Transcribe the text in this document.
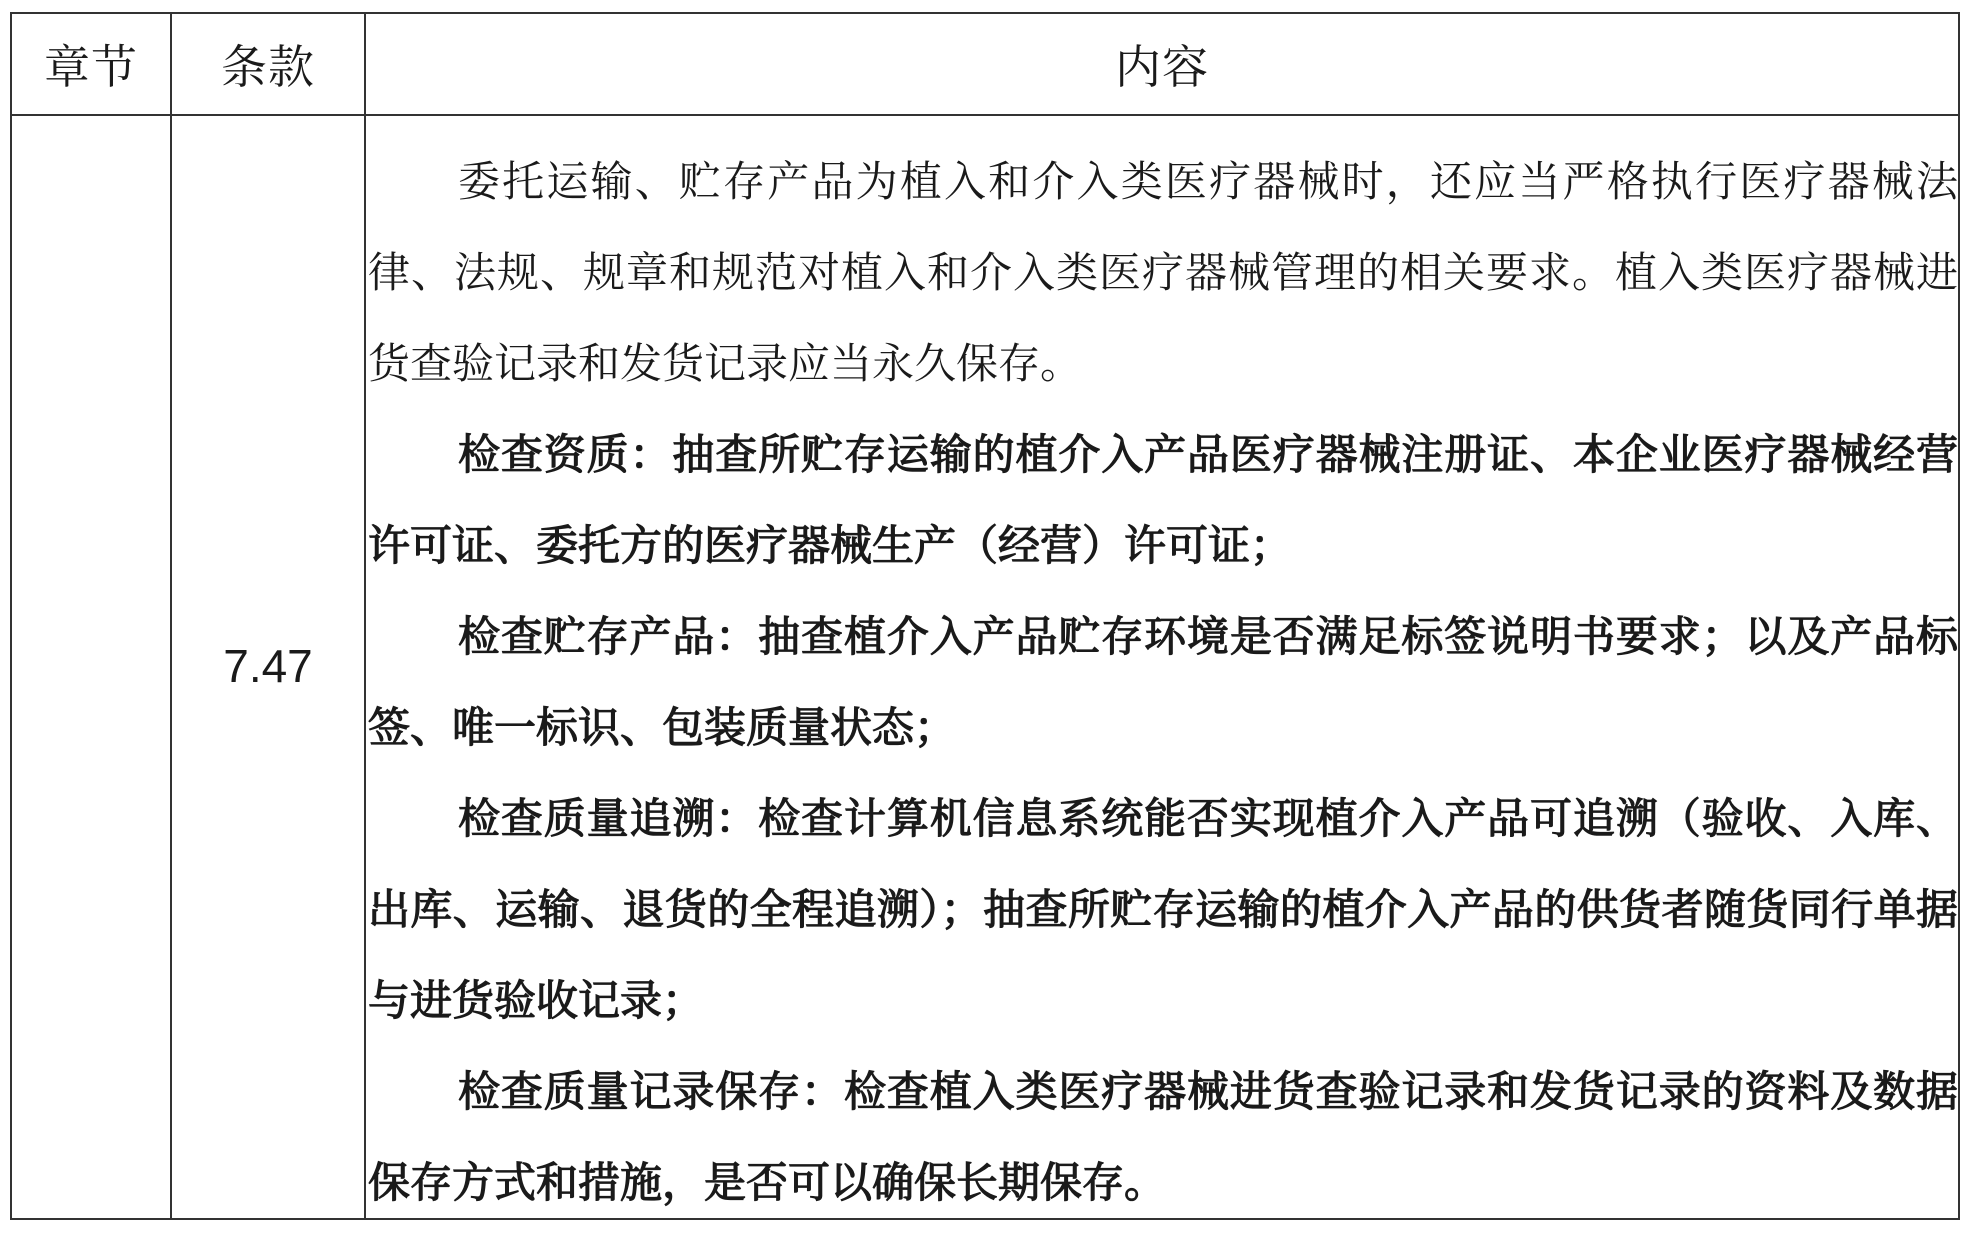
章节	条款	内容
7.47

委托运输、贮存产品为植入和介入类医疗器械时，还应当严格执行医疗器械法律、法规、规章和规范对植入和介入类医疗器械管理的相关要求。植入类医疗器械进货查验记录和发货记录应当永久保存。

检查资质：抽查所贮存运输的植介入产品医疗器械注册证、本企业医疗器械经营许可证、委托方的医疗器械生产（经营）许可证；

检查贮存产品：抽查植介入产品贮存环境是否满足标签说明书要求；以及产品标签、唯一标识、包装质量状态；

检查质量追溯：检查计算机信息系统能否实现植介入产品可追溯（验收、入库、出库、运输、退货的全程追溯）；抽查所贮存运输的植介入产品的供货者随货同行单据与进货验收记录；

检查质量记录保存：检查植入类医疗器械进货查验记录和发货记录的资料及数据保存方式和措施，是否可以确保长期保存。
